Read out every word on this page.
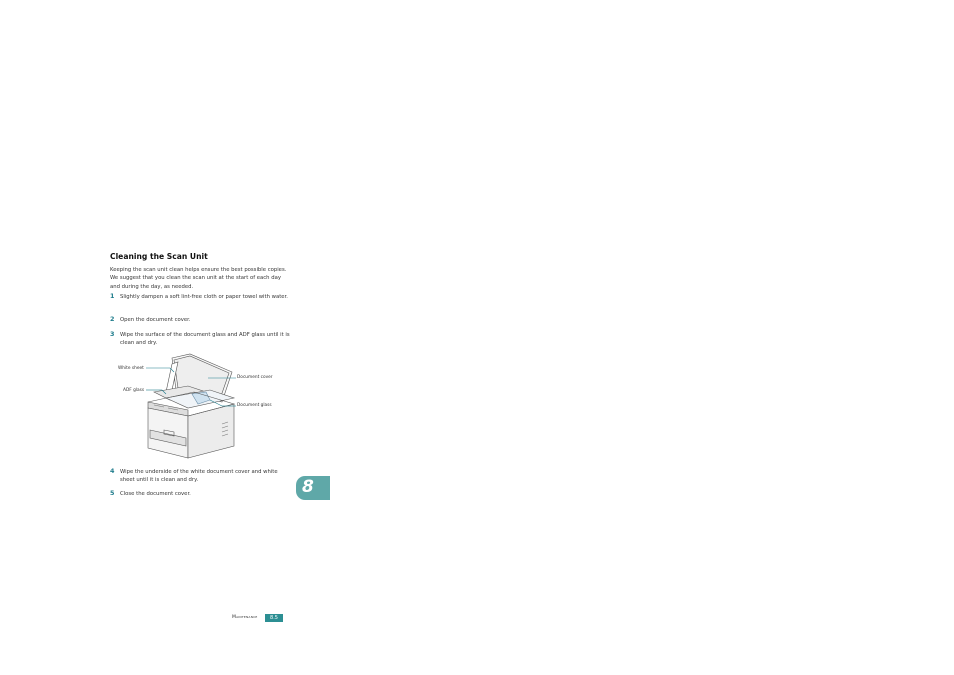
Cleaning the Scan Unit
Keeping the scan unit clean helps ensure the best possible copies. We suggest that you clean the scan unit at the start of each day and during the day, as needed.
1 Slightly dampen a soft lint-free cloth or paper towel with water.
2 Open the document cover.
3 Wipe the surface of the document glass and ADF glass until it is clean and dry.
White sheet
ADF glass
Document cover
Document glass
4 Wipe the underside of the white document cover and white sheet until it is clean and dry.
5 Close the document cover.	8
Maintenance	8.5
